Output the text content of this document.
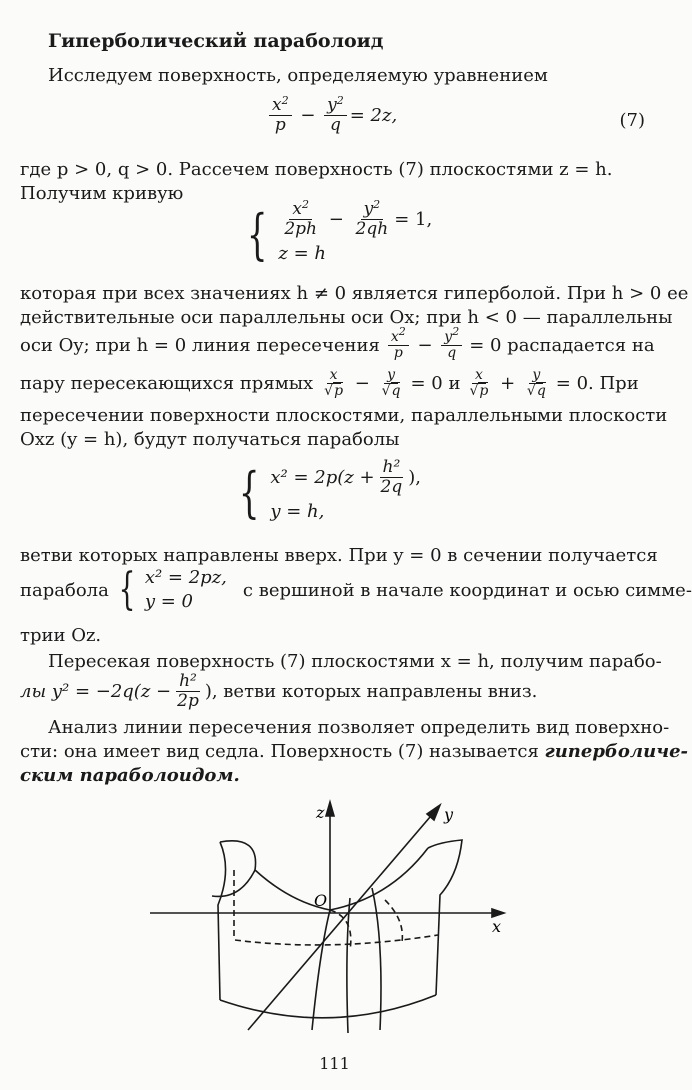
Гиперболический параболоид
Исследуем поверхность, определяемую уравнением
$\frac{x^2}{p} - \frac{y^2}{q} = 2z$,	(7)
где p > 0, q > 0. Рассечем поверхность (7) плоскостями z = h.
Получим кривую
{ $\frac{x^2}{2ph} - \frac{y^2}{2qh} = 1$,
z = h
которая при всех значениях h ≠ 0 является гиперболой. При h > 0 ее
действительные оси параллельны оси Ox; при h < 0 — параллельны
оси Oy; при h = 0 линия пересечения $\frac{x^2}{p} - \frac{y^2}{q} = 0$ распадается на
пару пересекающихся прямых $\frac{x}{√p} - \frac{y}{√q} = 0$ и $\frac{x}{√p} + \frac{y}{√q} = 0$. При
пересечении поверхности плоскостями, параллельными плоскости
Oxz (y = h), будут получаться параболы
{ $x^2 = 2p(z + \frac{\text{h²}}{2q}$ ),
y = h,
ветви которых направлены вверх. При y = 0 в сечении получается
парабола { x² = 2pz,
y = 0
с вершиной в начале координат и осью симме-
трии Oz.
Пересекая поверхность (7) плоскостями x = h, получим парабо-
лы $y^2 = -2q(z - \frac{\text{h²}}{2p}$ ), ветви которых направлены вниз.
Анализ линии пересечения позволяет определить вид поверхно-
сти: она имеет вид седла. Поверхность (7) называется гиперболиче-
ским параболоидом.
z	y
x
O
111
